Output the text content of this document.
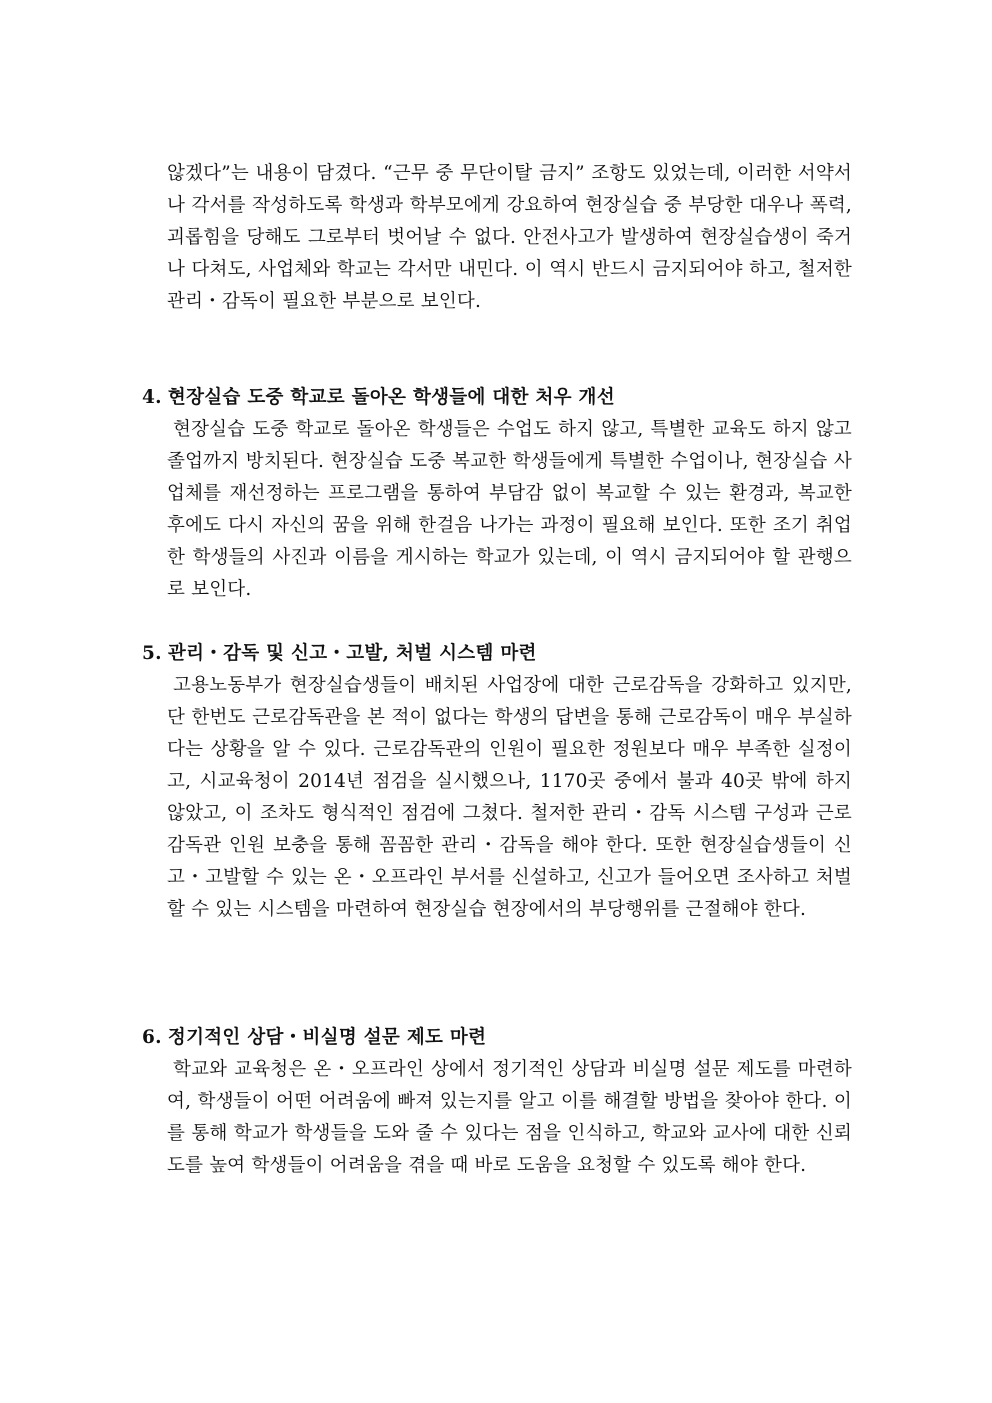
않겠다”는 내용이 담겼다. “근무 중 무단이탈 금지” 조항도 있었는데, 이러한 서약서나 각서를 작성하도록 학생과 학부모에게 강요하여 현장실습 중 부당한 대우나 폭력, 괴롭힘을 당해도 그로부터 벗어날 수 없다. 안전사고가 발생하여 현장실습생이 죽거나 다쳐도, 사업체와 학교는 각서만 내민다. 이 역시 반드시 금지되어야 하고, 철저한 관리・감독이 필요한 부분으로 보인다.

4. 현장실습 도중 학교로 돌아온 학생들에 대한 처우 개선

현장실습 도중 학교로 돌아온 학생들은 수업도 하지 않고, 특별한 교육도 하지 않고 졸업까지 방치된다. 현장실습 도중 복교한 학생들에게 특별한 수업이나, 현장실습 사업체를 재선정하는 프로그램을 통하여 부담감 없이 복교할 수 있는 환경과, 복교한 후에도 다시 자신의 꿈을 위해 한걸음 나가는 과정이 필요해 보인다. 또한 조기 취업한 학생들의 사진과 이름을 게시하는 학교가 있는데, 이 역시 금지되어야 할 관행으로 보인다.

5. 관리・감독 및 신고・고발, 처벌 시스템 마련

고용노동부가 현장실습생들이 배치된 사업장에 대한 근로감독을 강화하고 있지만, 단 한번도 근로감독관을 본 적이 없다는 학생의 답변을 통해 근로감독이 매우 부실하다는 상황을 알 수 있다. 근로감독관의 인원이 필요한 정원보다 매우 부족한 실정이고, 시교육청이 2014년 점검을 실시했으나, 1170곳 중에서 불과 40곳 밖에 하지 않았고, 이 조차도 형식적인 점검에 그쳤다. 철저한 관리・감독 시스템 구성과 근로감독관 인원 보충을 통해 꼼꼼한 관리・감독을 해야 한다. 또한 현장실습생들이 신고・고발할 수 있는 온・오프라인 부서를 신설하고, 신고가 들어오면 조사하고 처벌할 수 있는 시스템을 마련하여 현장실습 현장에서의 부당행위를 근절해야 한다.

6. 정기적인 상담・비실명 설문 제도 마련

학교와 교육청은 온・오프라인 상에서 정기적인 상담과 비실명 설문 제도를 마련하여, 학생들이 어떤 어려움에 빠져 있는지를 알고 이를 해결할 방법을 찾아야 한다. 이를 통해 학교가 학생들을 도와 줄 수 있다는 점을 인식하고, 학교와 교사에 대한 신뢰도를 높여 학생들이 어려움을 겪을 때 바로 도움을 요청할 수 있도록 해야 한다.
